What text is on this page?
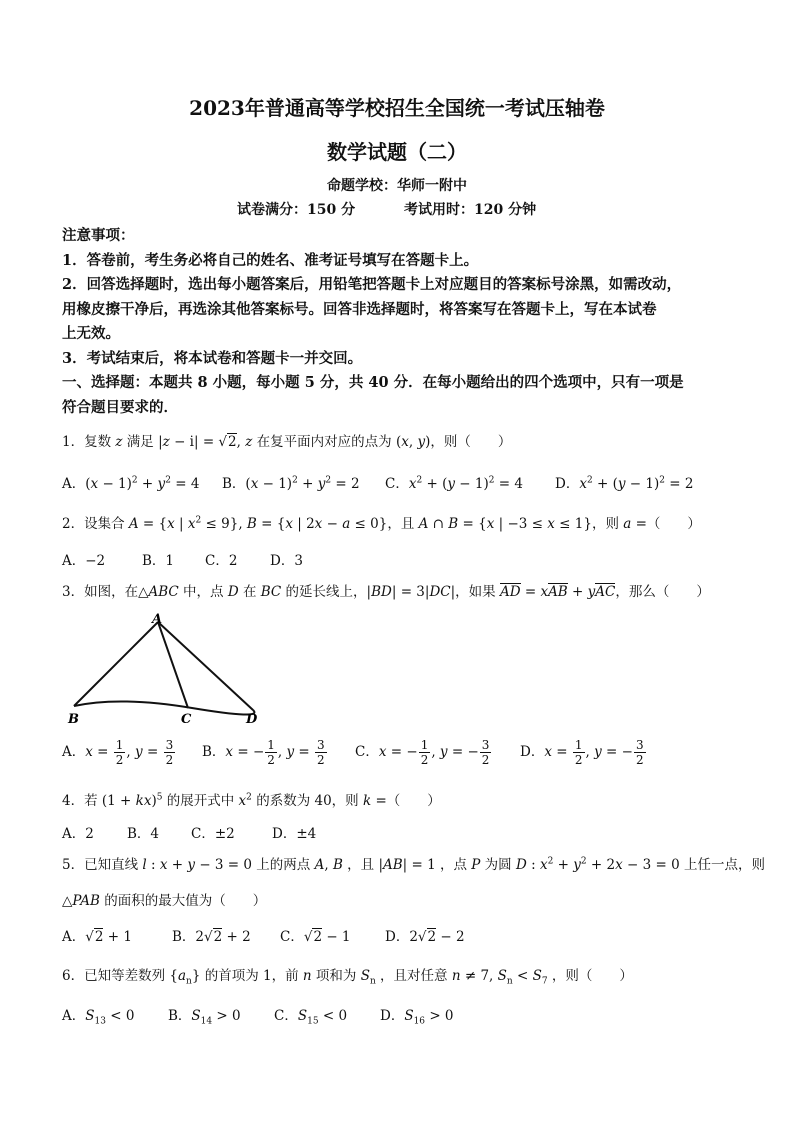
2023年普通高等学校招生全国统一考试压轴卷
数学试题（二）
命题学校：华师一附中
试卷满分：150 分	考试用时：120 分钟
注意事项：
1．答卷前，考生务必将自己的姓名、准考证号填写在答题卡上。
2．回答选择题时，选出每小题答案后，用铅笔把答题卡上对应题目的答案标号涂黑，如需改动，
用橡皮擦干净后，再选涂其他答案标号。回答非选择题时，将答案写在答题卡上，写在本试卷
上无效。
3．考试结束后，将本试卷和答题卡一并交回。
一、选择题：本题共 8 小题，每小题 5 分，共 40 分．在每小题给出的四个选项中，只有一项是
符合题目要求的．
1．复数 z 满足 |z − i| = √2, z 在复平面内对应的点为 (x, y)，则（　　）
A．$(x - 1)^2 + y^2 = 4$ B．$(x - 1)^2 + y^2 = 2$ C．$x^2 + (y - 1)^2 = 4$ D．$x^2 + (y - 1)^2 = 2$
2．设集合 A = {x | $x^2 \le 9$}, B = {x | 2x − a ≤ 0}，且 A ∩ B = {x | −3 ≤ x ≤ 1}，则 a =（　　）
A．−2	B．1 C．2 D．3
3．如图，在△ABC 中，点 D 在 BC 的延长线上，|BD| = 3|DC|，如果 AD = xAB + yAC，那么（　　）
A
B	C	D
A．$x = \frac{1}{2}$ , $y = \frac{3}{2}$ B．x = − $\frac{1}{2}$ , $y = \frac{3}{2}$ C．x = − $\frac{1}{2}$ , y = − $\frac{3}{2}$ D．$x = \frac{1}{2}$ , y = − $\frac{3}{2}$
4．若 (1 + kx)$^5$ 的展开式中 $x^2$ 的系数为 40，则 k =（　　）
A．2 B．4 C．±2	D．±4
5．已知直线 l : x + y − 3 = 0 上的两点 A, B ，且 |AB| = 1 ，点 P 为圆 D : $x^2 + y^2 + 2x - 3 = 0$ 上任一点，则
△PAB 的面积的最大值为（　　）
A．√2 + 1	B．2√2 + 2 C．√2 − 1	D．2√2 − 2
6．已知等差数列 $\{a_n\}$ 的首项为 1，前 n 项和为 $S_n$ ，且对任意 n ≠ 7, $S_n < S_7$ ，则（　　）
A．$S_{13} < 0$ B．$S_{14} > 0$ C．$S_{15} < 0$ D．$S_{16} > 0$
